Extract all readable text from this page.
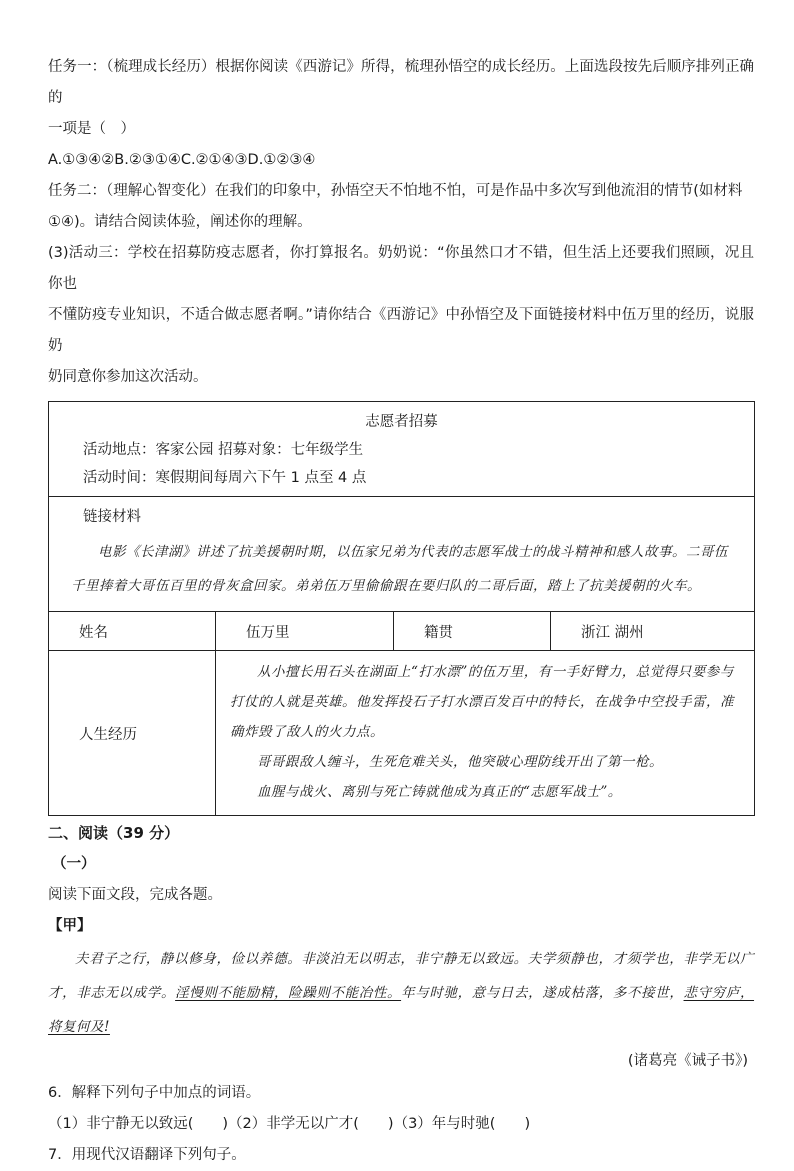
任务一：（梳理成长经历）根据你阅读《西游记》所得，梳理孙悟空的成长经历。上面选段按先后顺序排列正确的

一项是（　）

A.①③④②B.②③①④C.②①④③D.①②③④

任务二：（理解心智变化）在我们的印象中，孙悟空天不怕地不怕，可是作品中多次写到他流泪的情节(如材料

①④)。请结合阅读体验，阐述你的理解。

(3)活动三：学校在招募防疫志愿者，你打算报名。奶奶说：“你虽然口才不错，但生活上还要我们照顾，况且你也

不懂防疫专业知识，不适合做志愿者啊。”请你结合《西游记》中孙悟空及下面链接材料中伍万里的经历，说服奶

奶同意你参加这次活动。

志愿者招募

活动地点：客家公园 招募对象：七年级学生

活动时间：寒假期间每周六下午 1 点至 4 点			

链接材料

电影《长津湖》讲述了抗美援朝时期，以伍家兄弟为代表的志愿军战士的战斗精神和感人故事。二哥伍千里捧着大哥伍百里的骨灰盒回家。弟弟伍万里偷偷跟在要归队的二哥后面，踏上了抗美援朝的火车。			

姓名	伍万里	籍贯	浙江 湖州

人生经历	从小擅长用石头在湖面上“打水漂”的伍万里，有一手好臂力，总觉得只要参与打仗的人就是英雄。他发挥投石子打水漂百发百中的特长，在战争中空投手雷，准确炸毁了敌人的火力点。

哥哥跟敌人缠斗，生死危难关头，他突破心理防线开出了第一枪。

血腥与战火、离别与死亡铸就他成为真正的“志愿军战士”。		

二、阅读（39 分）

（一）

阅读下面文段，完成各题。

【甲】

夫君子之行，静以修身，俭以养德。非淡泊无以明志，非宁静无以致远。夫学须静也，才须学也，非学无以广才，非志无以成学。淫慢则不能励精，险躁则不能冶性。年与时驰，意与日去，遂成枯落，多不接世，悲守穷庐，将复何及!

(诸葛亮《诫子书》)

6．解释下列句子中加点的词语。

（1）非宁静无以致远(　　)（2）非学无以广才(　　)（3）年与时驰(　　)

7．用现代汉语翻译下列句子。
